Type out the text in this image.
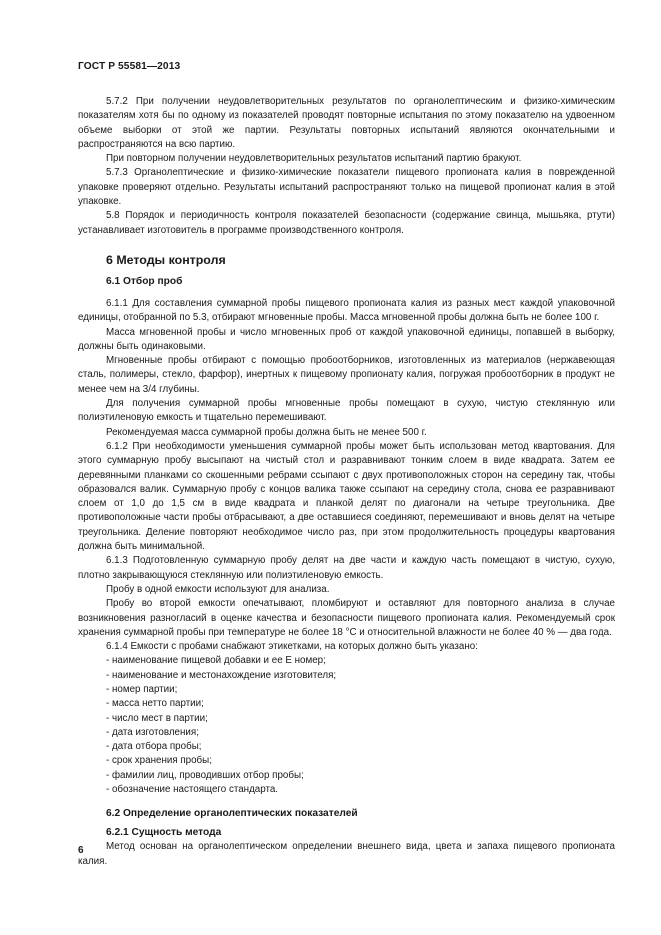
ГОСТ Р 55581—2013

5.7.2 При получении неудовлетворительных результатов по органолептическим и физико-химическим показателям хотя бы по одному из показателей проводят повторные испытания по этому показателю на удвоенном объеме выборки от этой же партии. Результаты повторных испытаний являются окончательными и распространяются на всю партию.

При повторном получении неудовлетворительных результатов испытаний партию бракуют.

5.7.3 Органолептические и физико-химические показатели пищевого пропионата калия в поврежденной упаковке проверяют отдельно. Результаты испытаний распространяют только на пищевой пропионат калия в этой упаковке.

5.8 Порядок и периодичность контроля показателей безопасности (содержание свинца, мышьяка, ртути) устанавливает изготовитель в программе производственного контроля.

6 Методы контроля
6.1 Отбор проб

6.1.1 Для составления суммарной пробы пищевого пропионата калия из разных мест каждой упаковочной единицы, отобранной по 5.3, отбирают мгновенные пробы. Масса мгновенной пробы должна быть не более 100 г.

Масса мгновенной пробы и число мгновенных проб от каждой упаковочной единицы, попавшей в выборку, должны быть одинаковыми.

Мгновенные пробы отбирают с помощью пробоотборников, изготовленных из материалов (нержавеющая сталь, полимеры, стекло, фарфор), инертных к пищевому пропионату калия, погружая пробоотборник в продукт не менее чем на 3/4 глубины.

Для получения суммарной пробы мгновенные пробы помещают в сухую, чистую стеклянную или полиэтиленовую емкость и тщательно перемешивают.

Рекомендуемая масса суммарной пробы должна быть не менее 500 г.

6.1.2 При необходимости уменьшения суммарной пробы может быть использован метод квартования. Для этого суммарную пробу высыпают на чистый стол и разравнивают тонким слоем в виде квадрата. Затем ее деревянными планками со скошенными ребрами ссыпают с двух противоположных сторон на середину так, чтобы образовался валик. Суммарную пробу с концов валика также ссыпают на середину стола, снова ее разравнивают слоем от 1,0 до 1,5 см в виде квадрата и планкой делят по диагонали на четыре треугольника. Две противоположные части пробы отбрасывают, а две оставшиеся соединяют, перемешивают и вновь делят на четыре треугольника. Деление повторяют необходимое число раз, при этом продолжительность процедуры квартования должна быть минимальной.

6.1.3 Подготовленную суммарную пробу делят на две части и каждую часть помещают в чистую, сухую, плотно закрывающуюся стеклянную или полиэтиленовую емкость.

Пробу в одной емкости используют для анализа.

Пробу во второй емкости опечатывают, пломбируют и оставляют для повторного анализа в случае возникновения разногласий в оценке качества и безопасности пищевого пропионата калия. Рекомендуемый срок хранения суммарной пробы при температуре не более 18 °С и относительной влажности не более 40 % — два года.

6.1.4 Емкости с пробами снабжают этикетками, на которых должно быть указано:

- наименование пищевой добавки и ее Е номер;

- наименование и местонахождение изготовителя;

- номер партии;

- масса нетто партии;

- число мест в партии;

- дата изготовления;

- дата отбора пробы;

- срок хранения пробы;

- фамилии лиц, проводивших отбор пробы;

- обозначение настоящего стандарта.

6.2 Определение органолептических показателей
6.2.1 Сущность метода

Метод основан на органолептическом определении внешнего вида, цвета и запаха пищевого пропионата калия.

6
